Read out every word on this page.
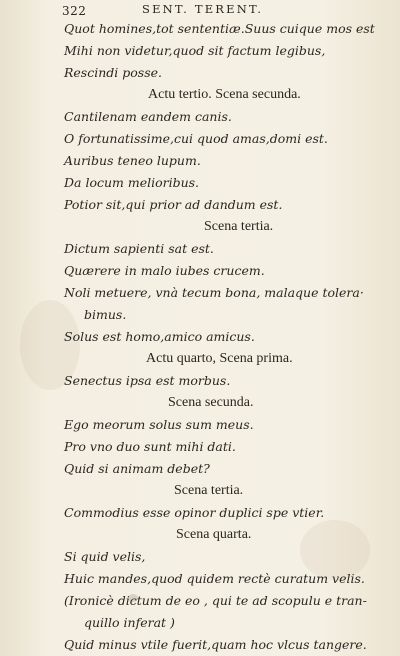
322	SENT. TERENT.
Quot homines,tot sententiæ.Suus cuique mos est
Mihi non videtur,quod sit factum legibus,
Rescindi posse.
Actu tertio. Scena secunda.
Cantilenam eandem canis.
O fortunatissime,cui quod amas,domi est.
Auribus teneo lupum.
Da locum melioribus.
Potior sit,qui prior ad dandum est.
Scena tertia.
Dictum sapienti sat est.
Quærere in malo iubes crucem.
Noli metuere, vnà tecum bona, malaque tolera·
bimus.
Solus est homo,amico amicus.
Actu quarto, Scena prima.
Senectus ipsa est morbus.
Scena secunda.
Ego meorum solus sum meus.
Pro vno duo sunt mihi dati.
Quid si animam debet?
Scena tertia.
Commodius esse opinor duplici spe vtier.
Scena quarta.
Si quid velis,
Huic mandes,quod quidem rectè curatum velis.
(Ironicè dictum de eo , qui te ad scopulu e tran-
quillo inferat )
Quid minus vtile fuerit,quam hoc vlcus tangere.
